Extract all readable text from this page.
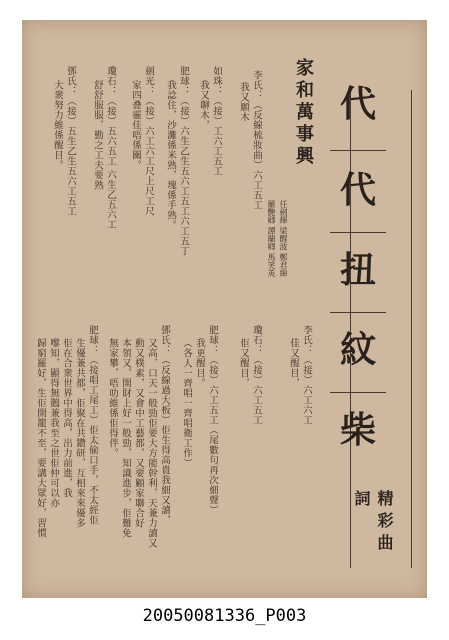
代
代
扭
紋
柴
精彩曲詞
家和萬事興
任劍輝 梁醒波 鄭君綿
羅艷卿 譚蘭卿 馬笑英
李氏：（反線梳妝曲）六工五工
我又願木
如珠：（接）工六工五工
我又聊木，
肥球：（接）六生乙生五六工五工六工五丁
我諗住，沙灘係米熟，塊係手熟。
劍光：（接）六工六工尺上尺工尺
家四叠靈佳唔係關。
瓊石：（接）五六五工 六生乙五六工
舒舒服服，勤之工夫要熟
鄧氏：（接）五生乙生五六工五工
大衆努力維係醒目。
李氏：（接）六工六工
佳又醒目，
瓊石：（接）六工五工
佢又醒目，
肥球：（接）六工五工（尾數句再次細聲）
我更醒目。
（各人一齊唱一齊唱衛工作）
鄧氏：（反線過大板）佢生得高貴我細又讀，
又高，口天一般勁佢要大方能幹利，天兼力讀又
動又樸素，又會中工藝都，又要顧家聯合好
本領又，開財上好一般勁，知識進步，佢難免
無家攀，唔叻維係佢得伴。
肥球：（接唱工尾工）佢太偷口手，不太經佢
生優兼共都，佢聚在共鑽研，互相來來優多
佢在合衆世界中得高，出力前進，我
嚟知，顯得無鵝兼我至之世佢仲可以亦
歸窮羅好，生佢開籠不至，要講大眾好，習慣
20050081336_P003
